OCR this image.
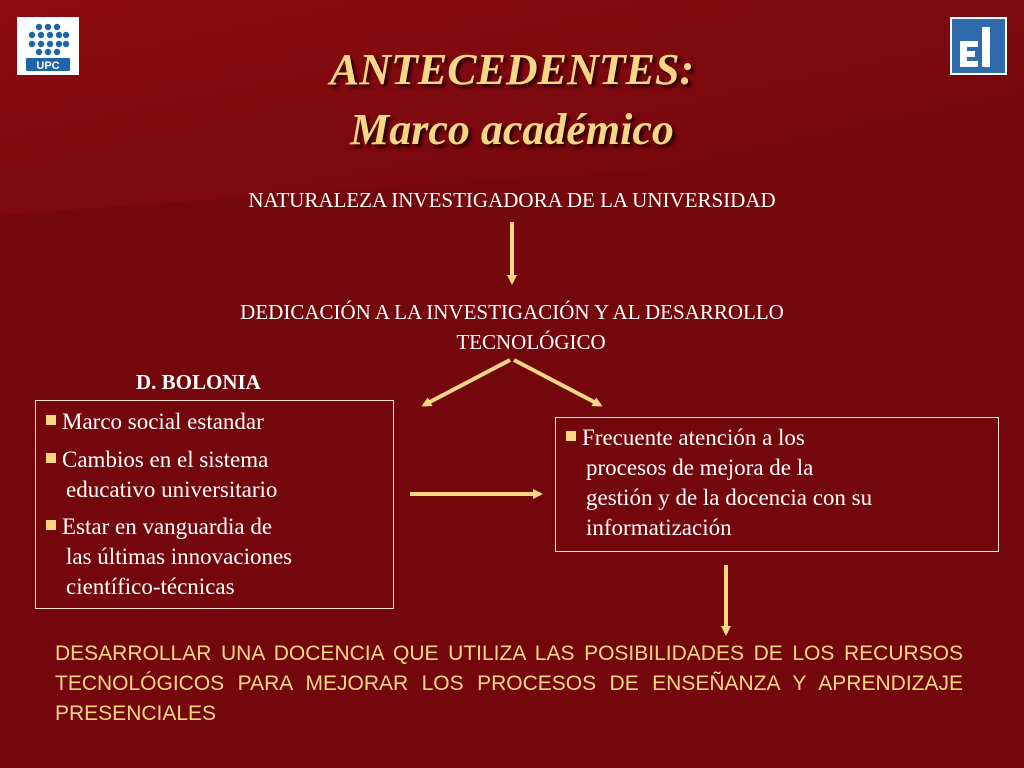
UPC	ANTECEDENTES:
Marco académico
NATURALEZA INVESTIGADORA DE LA UNIVERSIDAD
DEDICACIÓN A LA INVESTIGACIÓN Y AL DESARROLLO
TECNOLÓGICO
D. BOLONIA
Marco social estandar
Cambios en el sistema
educativo universitario
Estar en vanguardia de
las últimas innovaciones
científico-técnicas
Frecuente atención a los
procesos de mejora de la
gestión y de la docencia con su
informatización
DESARROLLAR UNA DOCENCIA QUE UTILIZA LAS POSIBILIDADES DE LOS RECURSOS TECNOLÓGICOS PARA MEJORAR LOS PROCESOS DE ENSEÑANZA Y APRENDIZAJE PRESENCIALES
